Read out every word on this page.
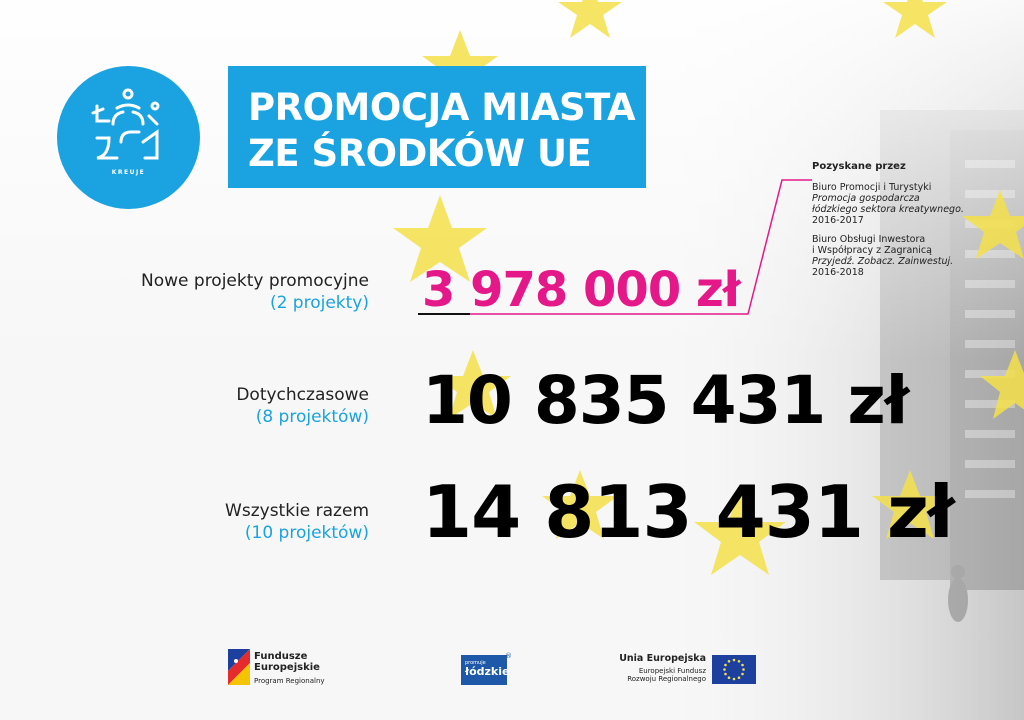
KREUJE
PROMOCJA MIASTA
ZE ŚRODKÓW UE	Pozyskane przez
Biuro Promocji i Turystyki
Promocja gospodarcza
łódzkiego sektora kreatywnego.
2016-2017
Biuro Obsługi Inwestora
i Współpracy z Zagranicą
Przyjedź. Zobacz. Zainwestuj.
2016-2018
Nowe projekty promocyjne
(2 projekty) 3 978 000 zł
Dotychczasowe
(8 projektów) 10 835 431 zł
Wszystkie razem
(10 projektów) 14 813 431 zł
Fundusze
Europejskie
Program Regionalny
promuje
łódzkie
®	Unia Europejska
Europejski Fundusz
Rozwoju Regionalnego
